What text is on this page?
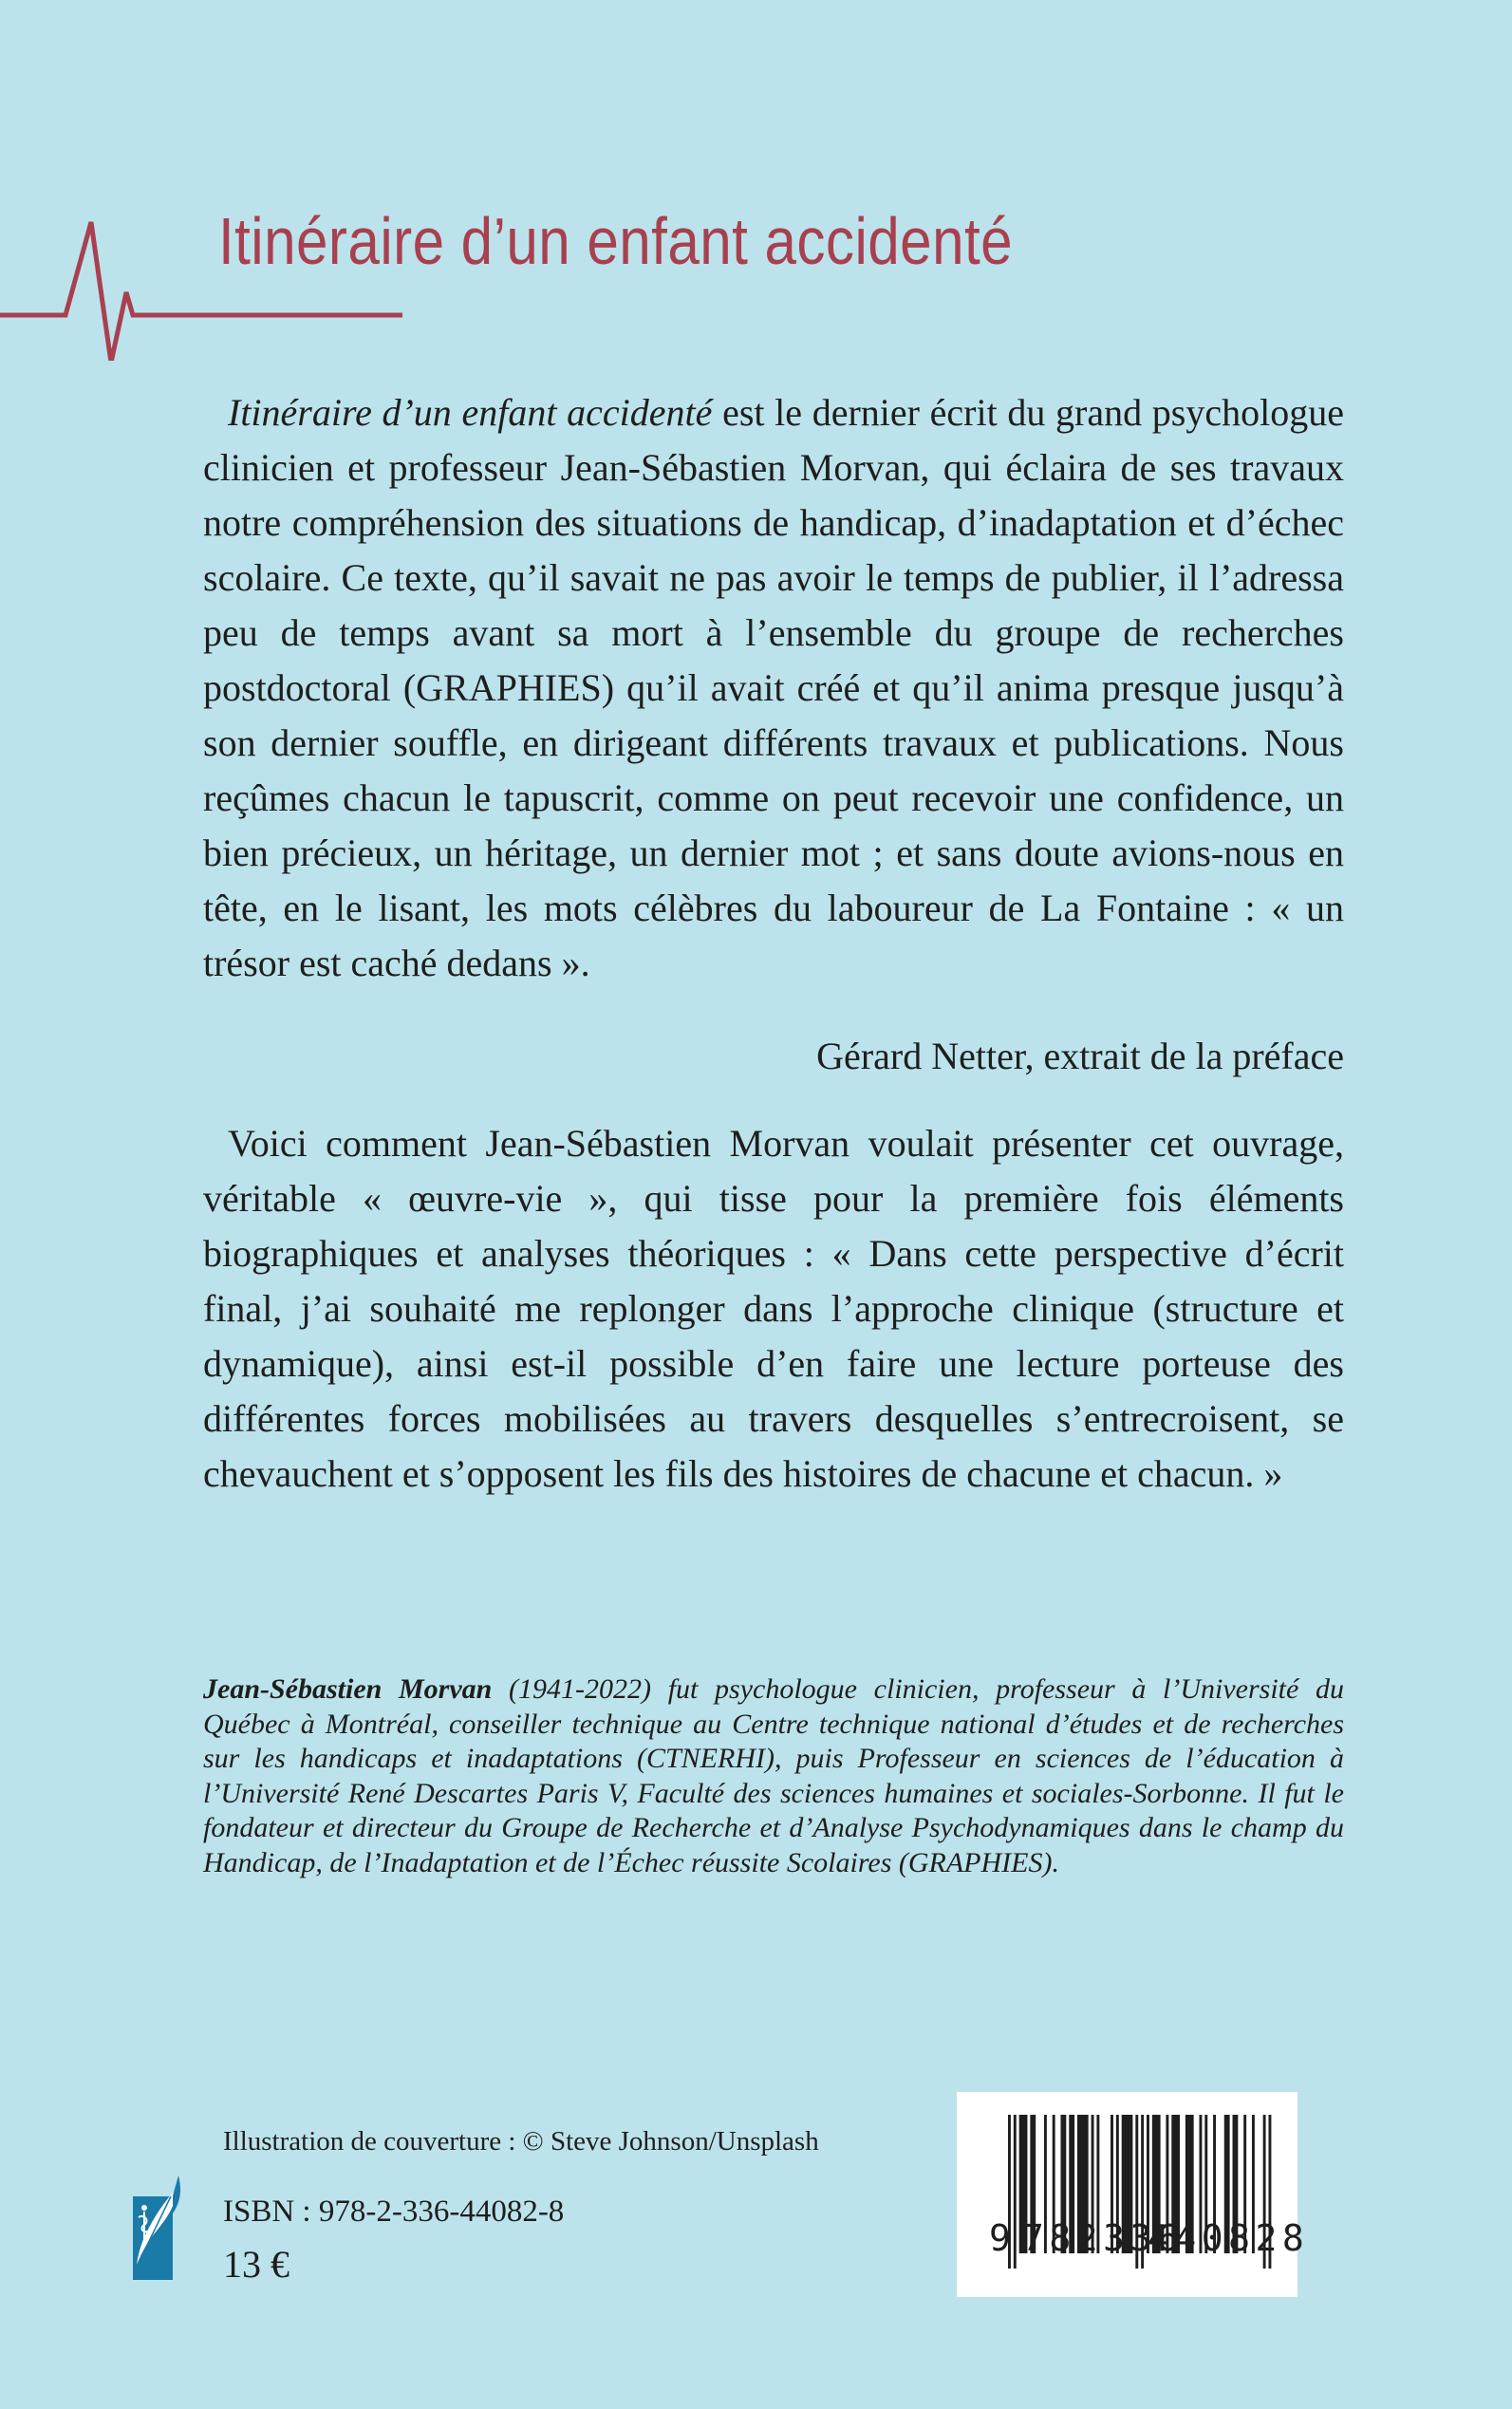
Itinéraire d’un enfant accidenté

Itinéraire d’un enfant accidenté est le dernier écrit du grand psychologue clinicien et professeur Jean-Sébastien Morvan, qui éclaira de ses travaux notre compréhension des situations de handicap, d’inadaptation et d’échec scolaire. Ce texte, qu’il savait ne pas avoir le temps de publier, il l’adressa peu de temps avant sa mort à l’ensemble du groupe de recherches postdoctoral (GRAPHIES) qu’il avait créé et qu’il anima presque jusqu’à son dernier souffle, en dirigeant différents travaux et publications. Nous reçûmes chacun le tapuscrit, comme on peut recevoir une confidence, un bien précieux, un héritage, un dernier mot ; et sans doute avions-nous en tête, en le lisant, les mots célèbres du laboureur de La Fontaine : « un trésor est caché dedans ».

Gérard Netter, extrait de la préface

Voici comment Jean-Sébastien Morvan voulait présenter cet ouvrage, véritable « œuvre-vie », qui tisse pour la première fois éléments biographiques et analyses théoriques : « Dans cette perspective d’écrit final, j’ai souhaité me replonger dans l’approche clinique (structure et dynamique), ainsi est-il possible d’en faire une lecture porteuse des différentes forces mobilisées au travers desquelles s’entrecroisent, se chevauchent et s’opposent les fils des histoires de chacune et chacun. »

Jean-Sébastien Morvan (1941-2022) fut psychologue clinicien, professeur à l’Université du Québec à Montréal, conseiller technique au Centre technique national d’études et de recherches sur les handicaps et inadaptations (CTNERHI), puis Professeur en sciences de l’éducation à l’Université René Descartes Paris V, Faculté des sciences humaines et sociales-Sorbonne. Il fut le fondateur et directeur du Groupe de Recherche et d’Analyse Psychodynamiques dans le champ du Handicap, de l’Inadaptation et de l’Échec réussite Scolaires (GRAPHIES).
Illustration de couverture : © Steve Johnson/Unsplash
ISBN : 978-2-336-44082-8
13 €
9 782336
440828
